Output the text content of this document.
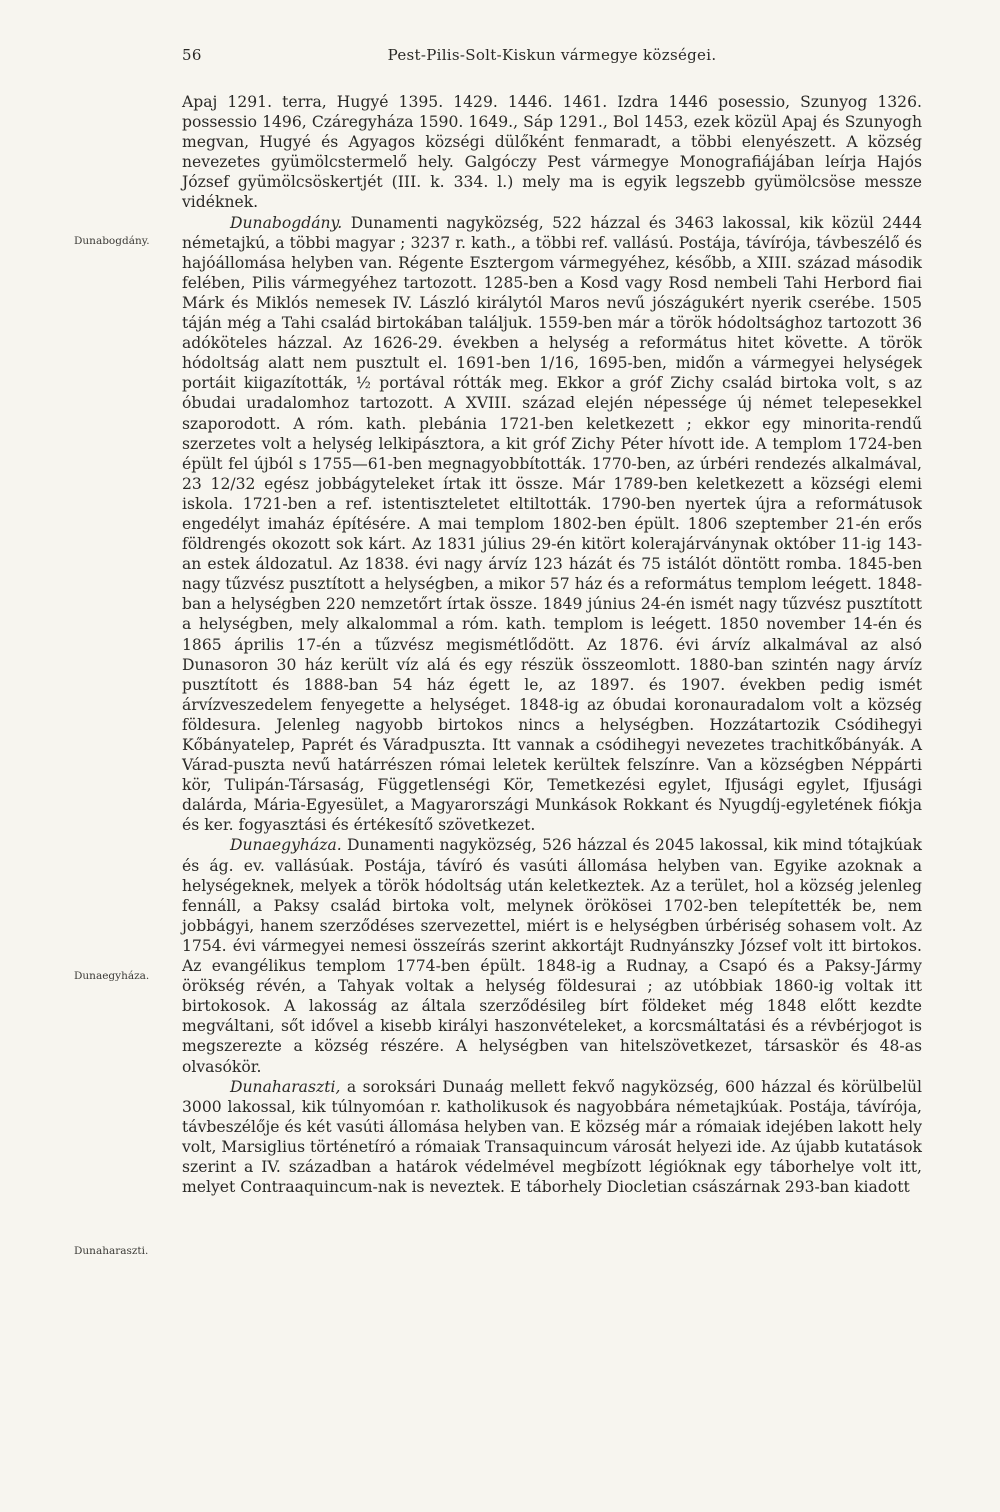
56	Pest-Pilis-Solt-Kiskun vármegye községei.
Dunabogdány.
Dunaegyháza.
Dunaharaszti.

Apaj 1291. terra, Hugyé 1395. 1429. 1446. 1461. Izdra 1446 posessio, Szunyog 1326. possessio 1496, Czáregyháza 1590. 1649., Sáp 1291., Bol 1453, ezek közül Apaj és Szunyogh megvan, Hugyé és Agyagos községi dülőként fenmaradt, a többi elenyészett. A község nevezetes gyümölcstermelő hely. Galgóczy Pest vármegye Monografiájában leírja Hajós József gyümölcsöskertjét (III. k. 334. l.) mely ma is egyik legszebb gyümölcsöse messze vidéknek.

Dunabogdány. Dunamenti nagyközség, 522 házzal és 3463 lakossal, kik közül 2444 németajkú, a többi magyar ; 3237 r. kath., a többi ref. vallású. Postája, távírója, távbeszélő és hajóállomása helyben van. Régente Esztergom vármegyéhez, később, a XIII. század második felében, Pilis vármegyéhez tartozott. 1285-ben a Kosd vagy Rosd nembeli Tahi Herbord fiai Márk és Miklós nemesek IV. László királytól Maros nevű jószágukért nyerik cserébe. 1505 táján még a Tahi család birtokában találjuk. 1559-ben már a török hódoltsághoz tartozott 36 adóköteles házzal. Az 1626-29. években a helység a református hitet követte. A török hódoltság alatt nem pusztult el. 1691-ben 1/16, 1695-ben, midőn a vármegyei helységek portáit kiigazították, ½ portával rótták meg. Ekkor a gróf Zichy család birtoka volt, s az óbudai uradalomhoz tartozott. A XVIII. század elején népessége új német telepesekkel szaporodott. A róm. kath. plebánia 1721-ben keletkezett ; ekkor egy minorita-rendű szerzetes volt a helység lelkipásztora, a kit gróf Zichy Péter hívott ide. A templom 1724-ben épült fel újból s 1755—61-ben megnagyobbították. 1770-ben, az úrbéri rendezés alkalmával, 23 12/32 egész jobbágyteleket írtak itt össze. Már 1789-ben keletkezett a községi elemi iskola. 1721-ben a ref. istentiszteletet eltiltották. 1790-ben nyertek újra a reformátusok engedélyt imaház építésére. A mai templom 1802-ben épült. 1806 szeptember 21-én erős földrengés okozott sok kárt. Az 1831 július 29-én kitört kolerajárványnak október 11-ig 143-an estek áldozatul. Az 1838. évi nagy árvíz 123 házát és 75 istálót döntött romba. 1845-ben nagy tűzvész pusztított a helységben, a mikor 57 ház és a református templom leégett. 1848-ban a helységben 220 nemzetőrt írtak össze. 1849 június 24-én ismét nagy tűzvész pusztított a helységben, mely alkalommal a róm. kath. templom is leégett. 1850 november 14-én és 1865 április 17-én a tűzvész megismétlődött. Az 1876. évi árvíz alkalmával az alsó Dunasoron 30 ház került víz alá és egy részük összeomlott. 1880-ban szintén nagy árvíz pusztított és 1888-ban 54 ház égett le, az 1897. és 1907. években pedig ismét árvízveszedelem fenyegette a helységet. 1848-ig az óbudai koronauradalom volt a község földesura. Jelenleg nagyobb birtokos nincs a helységben. Hozzátartozik Csódihegyi Kőbányatelep, Paprét és Váradpuszta. Itt vannak a csódihegyi nevezetes trachitkőbányák. A Várad-puszta nevű határrészen római leletek kerültek felszínre. Van a községben Néppárti kör, Tulipán-Társaság, Függetlenségi Kör, Temetkezési egylet, Ifjusági egylet, Ifjusági dalárda, Mária-Egyesület, a Magyarországi Munkások Rokkant és Nyugdíj-egyletének fiókja és ker. fogyasztási és értékesítő szövetkezet.

Dunaegyháza. Dunamenti nagyközség, 526 házzal és 2045 lakossal, kik mind tótajkúak és ág. ev. vallásúak. Postája, távíró és vasúti állomása helyben van. Egyike azoknak a helységeknek, melyek a török hódoltság után keletkeztek. Az a terület, hol a község jelenleg fennáll, a Paksy család birtoka volt, melynek örökösei 1702-ben telepítették be, nem jobbágyi, hanem szerződéses szervezettel, miért is e helységben úrbériség sohasem volt. Az 1754. évi vármegyei nemesi összeírás szerint akkortájt Rudnyánszky József volt itt birtokos. Az evangélikus templom 1774-ben épült. 1848-ig a Rudnay, a Csapó és a Paksy-Jármy örökség révén, a Tahyak voltak a helység földesurai ; az utóbbiak 1860-ig voltak itt birtokosok. A lakosság az általa szerződésileg bírt földeket még 1848 előtt kezdte megváltani, sőt idővel a kisebb királyi haszonvételeket, a korcsmáltatási és a révbérjogot is megszerezte a község részére. A helységben van hitelszövetkezet, társaskör és 48-as olvasókör.

Dunaharaszti, a soroksári Dunaág mellett fekvő nagyközség, 600 házzal és körülbelül 3000 lakossal, kik túlnyomóan r. katholikusok és nagyobbára németajkúak. Postája, távírója, távbeszélője és két vasúti állomása helyben van. E község már a rómaiak idejében lakott hely volt, Marsiglius történetíró a rómaiak Transaquincum városát helyezi ide. Az újabb kutatások szerint a IV. században a határok védelmével megbízott légióknak egy táborhelye volt itt, melyet Contraaquincum-nak is neveztek. E táborhely Diocletian császárnak 293-ban kiadott
